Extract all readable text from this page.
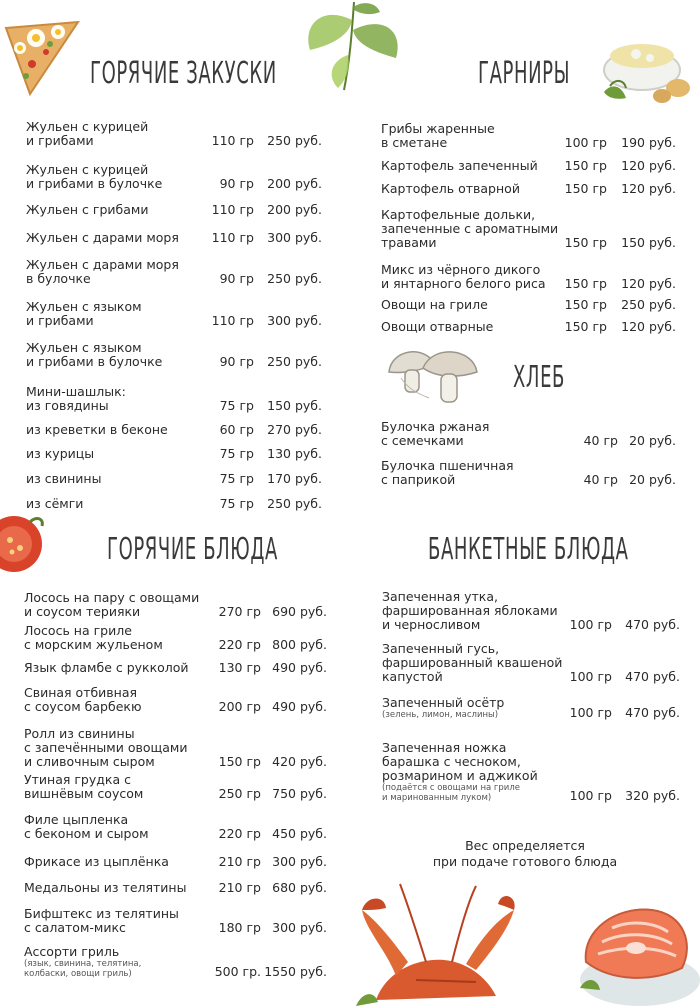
ГОРЯЧИЕ ЗАКУСКИ	ГАРНИРЫ
ХЛЕБ
ГОРЯЧИЕ БЛЮДА	БАНКЕТНЫЕ БЛЮДА
Жульен с курицей
и грибами	110 гр 250 руб.
Жульен с курицей
и грибами в булочке	90 гр 200 руб.
Жульен с грибами	110 гр 200 руб.
Жульен с дарами моря	110 гр 300 руб.
Жульен с дарами моря
в булочке	90 гр 250 руб.
Жульен с языком
и грибами	110 гр 300 руб.
Жульен с языком
и грибами в булочке	90 гр 250 руб.
Мини-шашлык:
из говядины	75 гр 150 руб.
из креветки в беконе	60 гр 270 руб.
из курицы	75 гр 130 руб.
из свинины	75 гр 170 руб.
из сёмги	75 гр 250 руб.
Грибы жаренные
в сметане	100 гр 190 руб.
Картофель запеченный	150 гр 120 руб.
Картофель отварной	150 гр 120 руб.
Картофельные дольки,
запеченные с ароматными
травами	150 гр 150 руб.
Микс из чёрного дикого
и янтарного белого риса	150 гр 120 руб.
Овощи на гриле	150 гр 250 руб.
Овощи отварные	150 гр 120 руб.
Булочка ржаная
с семечками	40 гр 20 руб.
Булочка пшеничная
с паприкой	40 гр 20 руб.
Лосось на пару с овощами
и соусом терияки	270 гр 690 руб.
Лосось на гриле
с морским жульеном	220 гр 800 руб.
Язык фламбе с рукколой	130 гр 490 руб.
Свиная отбивная
с соусом барбекю	200 гр 490 руб.
Ролл из свинины
с запечёнными овощами
и сливочным сыром	150 гр 420 руб.
Утиная грудка с
вишнёвым соусом	250 гр 750 руб.
Филе цыпленка
с беконом и сыром	220 гр 450 руб.
Фрикасе из цыплёнка	210 гр 300 руб.
Медальоны из телятины	210 гр 680 руб.
Бифштекс из телятины
с салатом-микс	180 гр 300 руб.
Ассорти гриль
(язык, свинина, телятина,
колбаски, овощи гриль)	500 гр. 1550 руб.
Запеченная утка,
фаршированная яблоками
и черносливом	100 гр 470 руб.
Запеченный гусь,
фаршированный квашеной
капустой	100 гр 470 руб.
Запеченный осётр
(зелень, лимон, маслины)	100 гр 470 руб.
Запеченная ножка
барашка с чесноком,
розмарином и аджикой
(подаётся с овощами на гриле
и маринованным луком)	100 гр 320 руб.

Вес определяется
при подаче готового блюда
